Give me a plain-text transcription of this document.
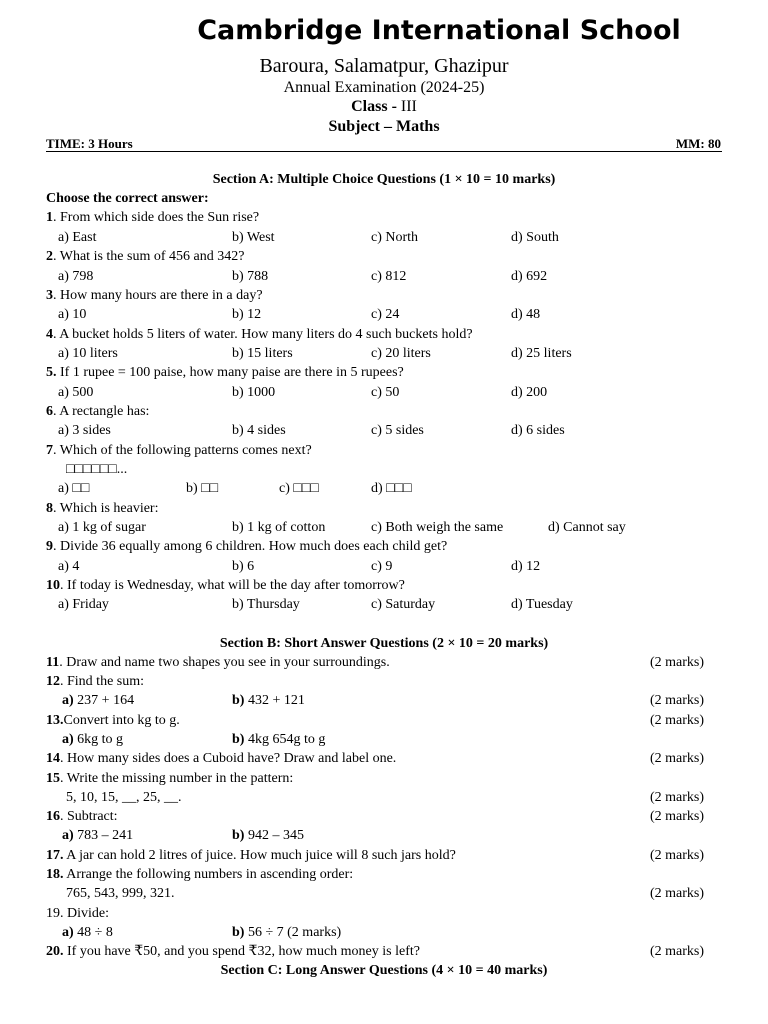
Cambridge International School
Baroura, Salamatpur, Ghazipur
Annual Examination (2024-25)
Class - III
Subject – Maths
TIME: 3 Hours	MM: 80
Section A: Multiple Choice Questions (1 × 10 = 10 marks)
Choose the correct answer:
1. From which side does the Sun rise?
a) East	b) West	c) North	d) South
2. What is the sum of 456 and 342?
a) 798	b) 788	c) 812	d) 692
3. How many hours are there in a day?
a) 10	b) 12	c) 24	d) 48
4. A bucket holds 5 liters of water. How many liters do 4 such buckets hold?
a) 10 liters	b) 15 liters	c) 20 liters	d) 25 liters
5. If 1 rupee = 100 paise, how many paise are there in 5 rupees?
a) 500	b) 1000	c) 50	d) 200
6. A rectangle has:
a) 3 sides	b) 4 sides	c) 5 sides	d) 6 sides
7. Which of the following patterns comes next?
□□□□□□...
a) □□	b) □□	c) □□□	d) □□□
8. Which is heavier:
a) 1 kg of sugar	b) 1 kg of cotton	c) Both weigh the same	d) Cannot say
9. Divide 36 equally among 6 children. How much does each child get?
a) 4	b) 6	c) 9	d) 12
10. If today is Wednesday, what will be the day after tomorrow?
a) Friday	b) Thursday	c) Saturday	d) Tuesday
Section B: Short Answer Questions (2 × 10 = 20 marks)
11. Draw and name two shapes you see in your surroundings.	(2 marks)
12. Find the sum:
a) 237 + 164	b) 432 + 121	(2 marks)
13.Convert into kg to g.	(2 marks)
a) 6kg to g	b) 4kg 654g to g
14. How many sides does a Cuboid have? Draw and label one.	(2 marks)
15. Write the missing number in the pattern:
5, 10, 15, __, 25, __.	(2 marks)
16. Subtract:	(2 marks)
a) 783 – 241	b) 942 – 345
17. A jar can hold 2 litres of juice. How much juice will 8 such jars hold?	(2 marks)
18. Arrange the following numbers in ascending order:
765, 543, 999, 321.	(2 marks)
19. Divide:
a) 48 ÷ 8	b) 56 ÷ 7 (2 marks)
20. If you have ₹50, and you spend ₹32, how much money is left?	(2 marks)
Section C: Long Answer Questions (4 × 10 = 40 marks)
